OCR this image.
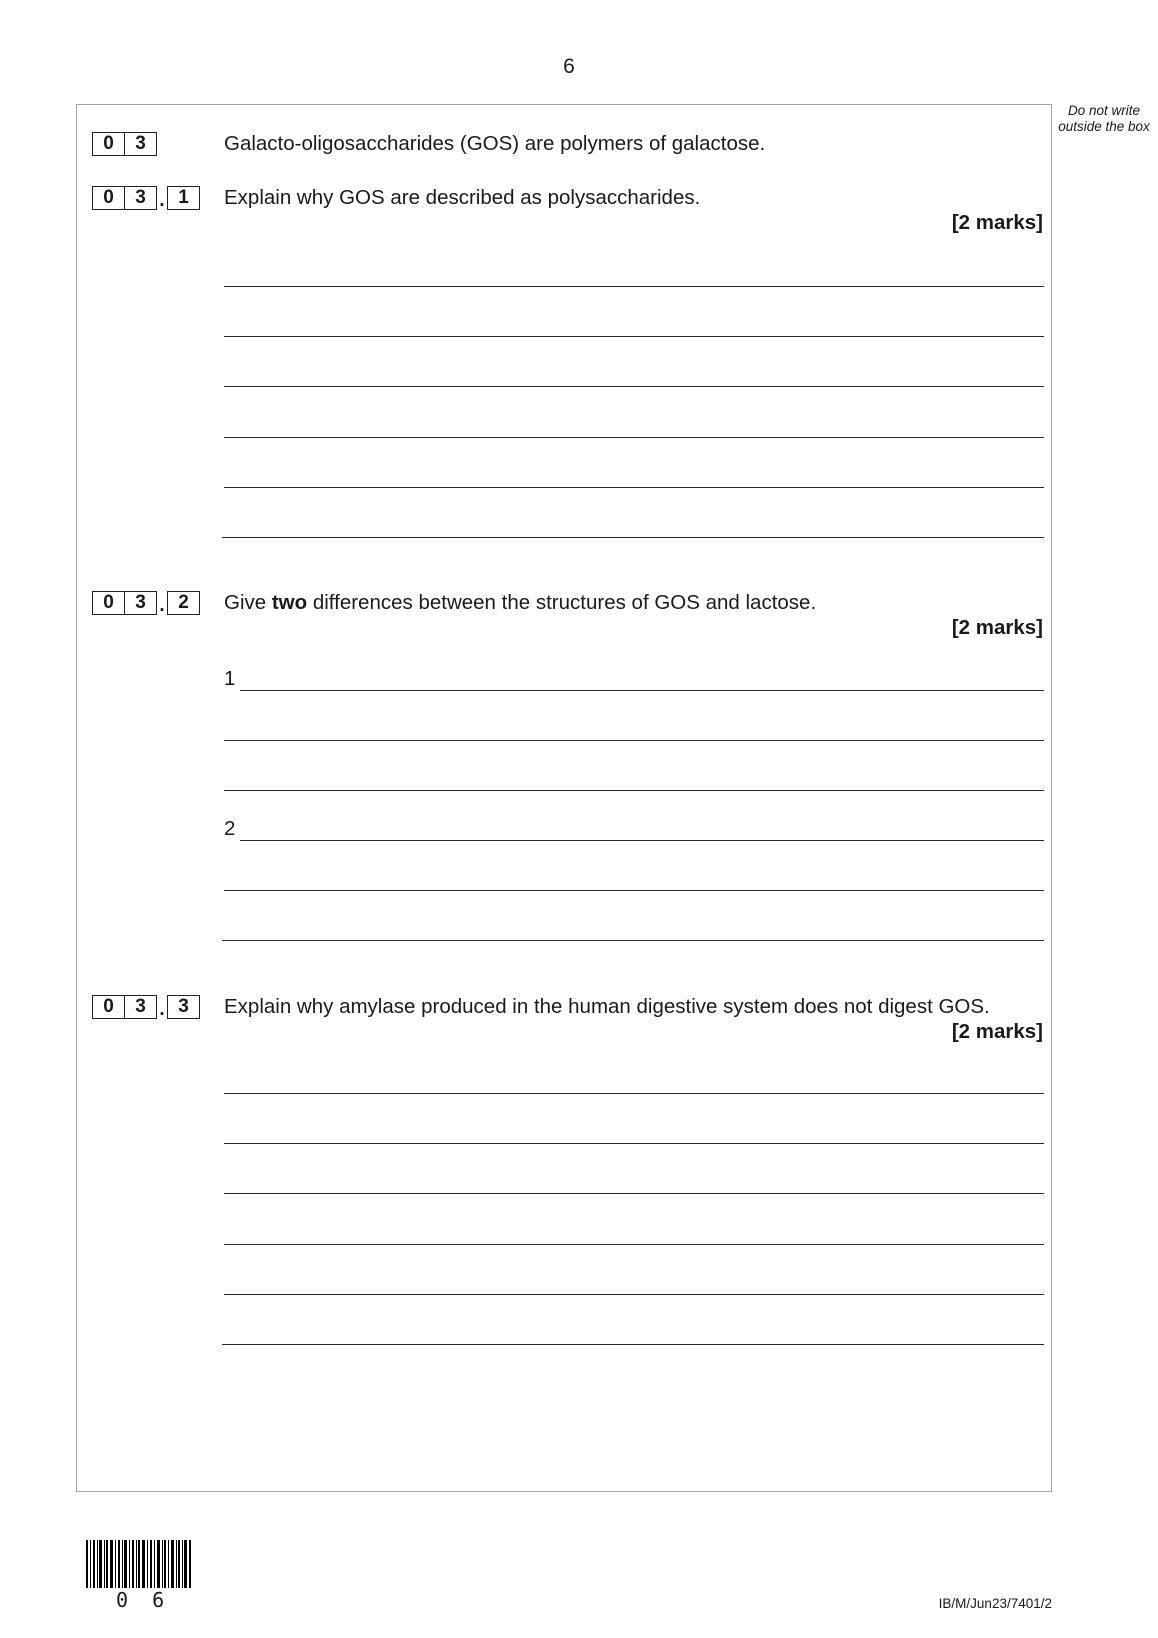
6
Do not write outside the box
0	3	Galacto-oligosaccharides (GOS) are polymers of galactose.
0	3 . 1	Explain why GOS are described as polysaccharides.
[2 marks]
0	3 . 2	Give two differences between the structures of GOS and lactose.
[2 marks]
1
2
0	3 . 3	Explain why amylase produced in the human digestive system does not digest GOS.
[2 marks]
0 6	IB/M/Jun23/7401/2
